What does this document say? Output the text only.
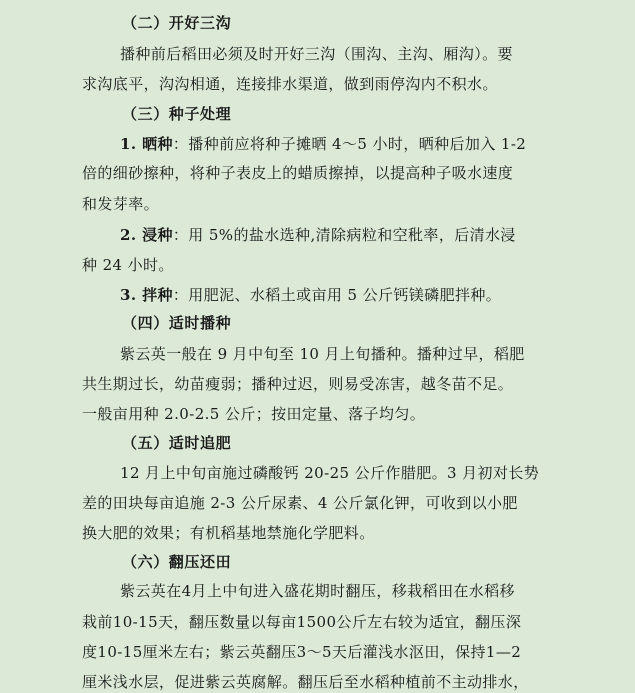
（二）开好三沟
播种前后稻田必须及时开好三沟（围沟、主沟、厢沟）。要
求沟底平，沟沟相通，连接排水渠道，做到雨停沟内不积水。
（三）种子处理
1. 晒种：播种前应将种子摊晒 4～5 小时，晒种后加入 1-2
倍的细砂擦种，将种子表皮上的蜡质擦掉，以提高种子吸水速度
和发芽率。
2. 浸种：用 5%的盐水选种,清除病粒和空秕率，后清水浸
种 24 小时。
3. 拌种：用肥泥、水稻土或亩用 5 公斤钙镁磷肥拌种。
（四）适时播种
紫云英一般在 9 月中旬至 10 月上旬播种。播种过早，稻肥
共生期过长，幼苗瘦弱；播种过迟，则易受冻害，越冬苗不足。
一般亩用种 2.0-2.5 公斤；按田定量、落子均匀。
（五）适时追肥
12 月上中旬亩施过磷酸钙 20-25 公斤作腊肥。3 月初对长势
差的田块每亩追施 2-3 公斤尿素、4 公斤氯化钾，可收到以小肥
换大肥的效果；有机稻基地禁施化学肥料。
（六）翻压还田
紫云英在4月上中旬进入盛花期时翻压，移栽稻田在水稻移
栽前10-15天，翻压数量以每亩1500公斤左右较为适宜，翻压深
度10-15厘米左右；紫云英翻压3～5天后灌浅水沤田，保持1—2
厘米浅水层，促进紫云英腐解。翻压后至水稻种植前不主动排水，
